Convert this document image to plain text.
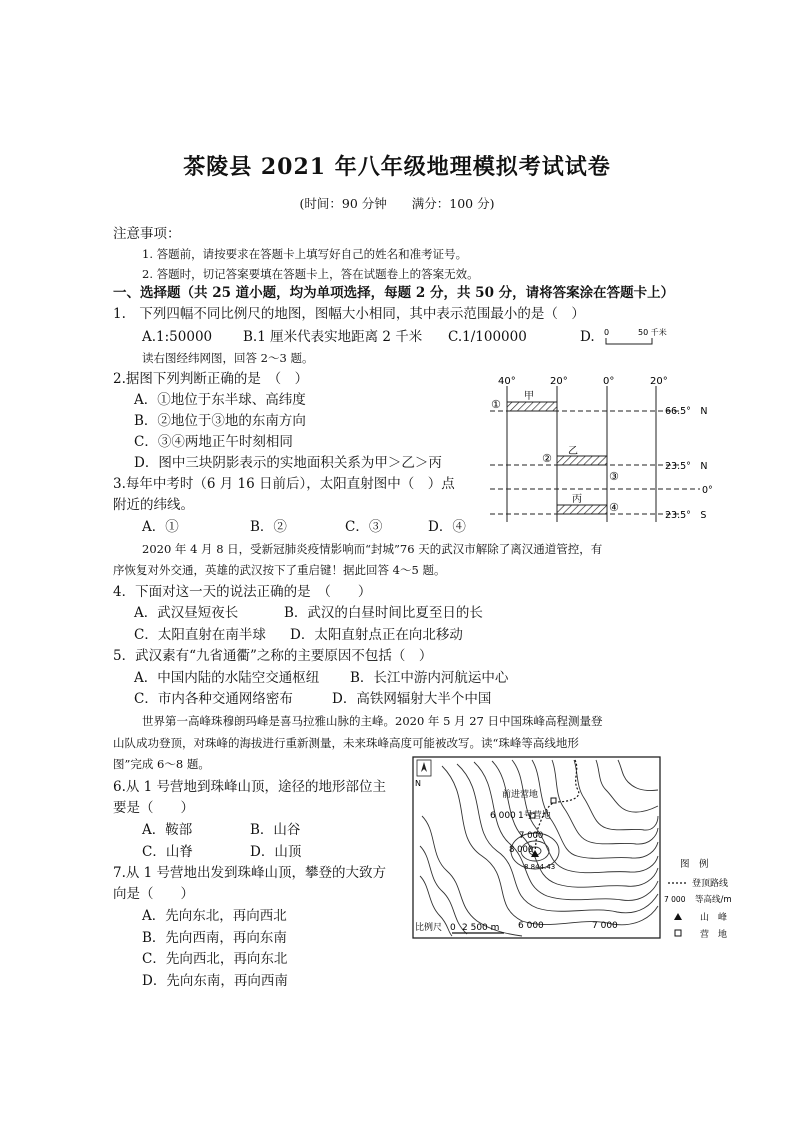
茶陵县 2021 年八年级地理模拟考试试卷
(时间：90 分钟　　满分：100 分)
注意事项：
1. 答题前，请按要求在答题卡上填写好自己的姓名和准考证号。
2. 答题时，切记答案要填在答题卡上，答在试题卷上的答案无效。
一、选择题（共 25 道小题，均为单项选择，每题 2 分，共 50 分，请将答案涂在答题卡上）
1.　下列四幅不同比例尺的地图，图幅大小相同，其中表示范围最小的是（　）
A.1:50000 B.1 厘米代表实地距离 2 千米 C.1/100000	D. 0	50 千米
读右图经纬网图，回答 2～3 题。
2.据图下列判断正确的是　（　）
A．①地位于东半球、高纬度
B．②地位于③地的东南方向
C．③④两地正午时刻相同
D．图中三块阴影表示的实地面积关系为甲＞乙＞丙
3.每年中考时（6 月 16 日前后），太阳直射图中（　）点
附近的纬线。
A．①	B．②	C．③	D．④
40°	20°	0°	20°
甲
乙
丙
①
②
③
④
66.5°　N
23.5°　N
0°
23.5°　S
2020 年 4 月 8 日，受新冠肺炎疫情影响而“封城”76 天的武汉市解除了离汉通道管控，有
序恢复对外交通，英雄的武汉按下了重启键！据此回答 4～5 题。
4．下面对这一天的说法正确的是　（　　）
A．武汉昼短夜长	B．武汉的白昼时间比夏至日的长
C．太阳直射在南半球 D．太阳直射点正在向北移动
5．武汉素有“九省通衢”之称的主要原因不包括（　）
A．中国内陆的水陆空交通枢纽 B．长江中游内河航运中心
C．市内各种交通网络密布	D．高铁网辐射大半个中国
世界第一高峰珠穆朗玛峰是喜马拉雅山脉的主峰。2020 年 5 月 27 日中国珠峰高程测量登
山队成功登顶，对珠峰的海拔进行重新测量，未来珠峰高度可能被改写。读“珠峰等高线地形
图”完成 6～8 题。
6.从 1 号营地到珠峰山顶，途径的地形部位主
要是（　　）
A．鞍部	B．山谷
C．山脊	D．山顶
7.从 1 号营地出发到珠峰山顶，攀登的大致方
向是（　　）
A．先向东北，再向西北
B．先向西南，再向东南
C．先向西北，再向东北
D．先向东南，再向西南
N
前进营地
6 000 1号营地
7 000
8 000
8 844.43
比例尺 0 2 500 m 6 000	7 000
图　例
登顶路线
7 000 等高线/m
山　峰
营　地
